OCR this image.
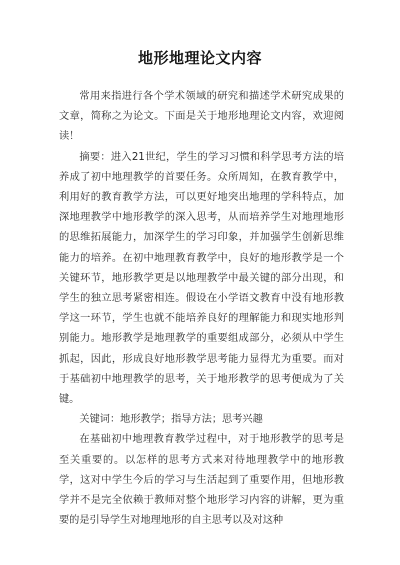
地形地理论文内容

常用来指进行各个学术领域的研究和描述学术研究成果的文章，简称之为论文。下面是关于地形地理论文内容，欢迎阅读！

摘要：进入21世纪，学生的学习习惯和科学思考方法的培养成了初中地理教学的首要任务。众所周知，在教育教学中，利用好的教育教学方法，可以更好地突出地理的学科特点，加深地理教学中地形教学的深入思考，从而培养学生对地理地形的思维拓展能力，加深学生的学习印象，并加强学生创新思维能力的培养。在初中地理教育教学中，良好的地形教学是一个关键环节，地形教学更是以地理教学中最关键的部分出现，和学生的独立思考紧密相连。假设在小学语文教育中没有地形教学这一环节，学生也就不能培养良好的理解能力和现实地形判别能力。地形教学是地理教学的重要组成部分，必须从中学生抓起，因此，形成良好地形教学思考能力显得尤为重要。而对于基础初中地理教学的思考，关于地形教学的思考便成为了关键。

关键词：地形教学；指导方法；思考兴趣

在基础初中地理教育教学过程中，对于地形教学的思考是至关重要的。以怎样的思考方式来对待地理教学中的地形教学，这对中学生今后的学习与生活起到了重要作用，但地形教学并不是完全依赖于教师对整个地形学习内容的讲解，更为重要的是引导学生对地理地形的自主思考以及对这种
